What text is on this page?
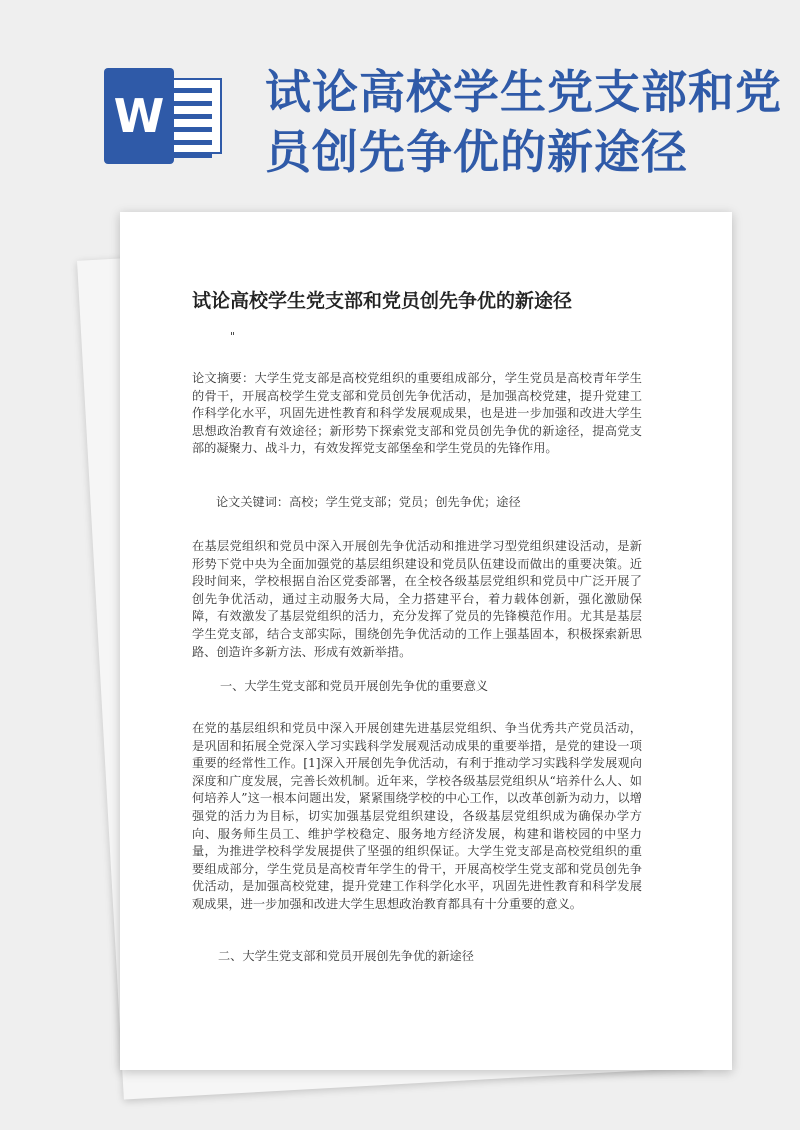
W 试论高校学生党支部和党员创先争优的新途径
试论高校学生党支部和党员创先争优的新途径
"
论文摘要：大学生党支部是高校党组织的重要组成部分，学生党员是高校青年学生的骨干，开展高校学生党支部和党员创先争优活动，是加强高校党建，提升党建工作科学化水平，巩固先进性教育和科学发展观成果，也是进一步加强和改进大学生思想政治教育有效途径；新形势下探索党支部和党员创先争优的新途径，提高党支部的凝聚力、战斗力，有效发挥党支部堡垒和学生党员的先锋作用。
论文关键词：高校；学生党支部；党员；创先争优；途径
在基层党组织和党员中深入开展创先争优活动和推进学习型党组织建设活动，是新形势下党中央为全面加强党的基层组织建设和党员队伍建设而做出的重要决策。近段时间来，学校根据自治区党委部署，在全校各级基层党组织和党员中广泛开展了创先争优活动，通过主动服务大局，全力搭建平台，着力载体创新，强化激励保障，有效激发了基层党组织的活力，充分发挥了党员的先锋模范作用。尤其是基层学生党支部，结合支部实际，围绕创先争优活动的工作上强基固本，积极探索新思路、创造许多新方法、形成有效新举措。
一、大学生党支部和党员开展创先争优的重要意义
在党的基层组织和党员中深入开展创建先进基层党组织、争当优秀共产党员活动，是巩固和拓展全党深入学习实践科学发展观活动成果的重要举措，是党的建设一项重要的经常性工作。[1]深入开展创先争优活动，有利于推动学习实践科学发展观向深度和广度发展，完善长效机制。近年来，学校各级基层党组织从“培养什么人、如何培养人”这一根本问题出发，紧紧围绕学校的中心工作，以改革创新为动力，以增强党的活力为目标，切实加强基层党组织建设，各级基层党组织成为确保办学方向、服务师生员工、维护学校稳定、服务地方经济发展，构建和谐校园的中坚力量，为推进学校科学发展提供了坚强的组织保证。大学生党支部是高校党组织的重要组成部分，学生党员是高校青年学生的骨干，开展高校学生党支部和党员创先争优活动，是加强高校党建，提升党建工作科学化水平，巩固先进性教育和科学发展观成果，进一步加强和改进大学生思想政治教育都具有十分重要的意义。
二、大学生党支部和党员开展创先争优的新途径
